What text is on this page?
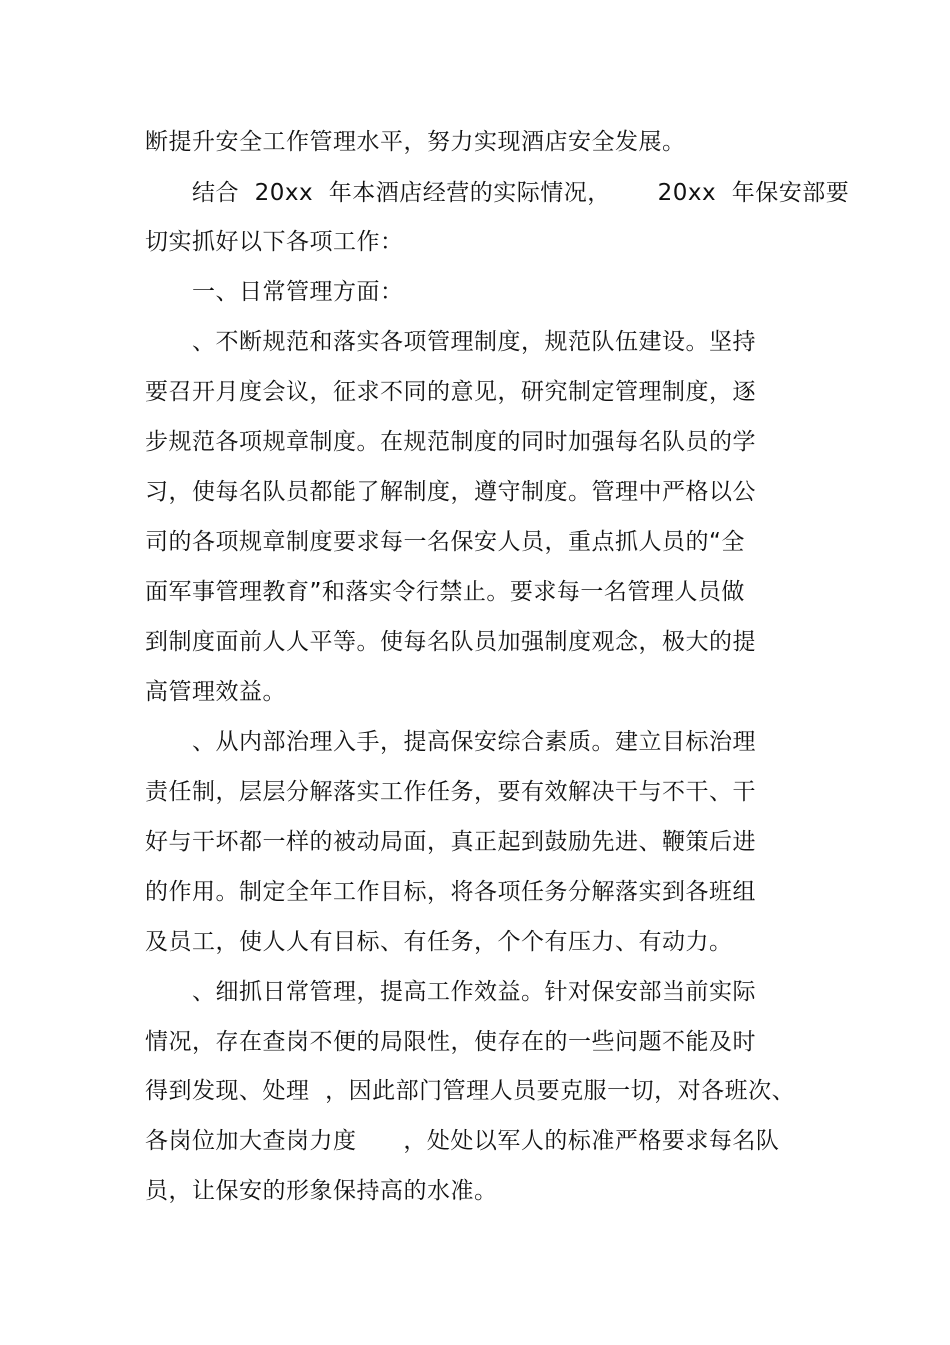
断提升安全工作管理水平，努力实现酒店安全发展。
结合  20xx  年本酒店经营的实际情况，      20xx  年保安部要
切实抓好以下各项工作：
一、日常管理方面：
、不断规范和落实各项管理制度，规范队伍建设。坚持
要召开月度会议，征求不同的意见，研究制定管理制度，逐
步规范各项规章制度。在规范制度的同时加强每名队员的学
习，使每名队员都能了解制度，遵守制度。管理中严格以公
司的各项规章制度要求每一名保安人员，重点抓人员的“全
面军事管理教育”和落实令行禁止。要求每一名管理人员做
到制度面前人人平等。使每名队员加强制度观念，极大的提
高管理效益。
、从内部治理入手，提高保安综合素质。建立目标治理
责任制，层层分解落实工作任务，要有效解决干与不干、干
好与干坏都一样的被动局面，真正起到鼓励先进、鞭策后进
的作用。制定全年工作目标，将各项任务分解落实到各班组
及员工，使人人有目标、有任务，个个有压力、有动力。
、细抓日常管理，提高工作效益。针对保安部当前实际
情况，存在查岗不便的局限性，使存在的一些问题不能及时
得到发现、处理  ，因此部门管理人员要克服一切，对各班次、
各岗位加大查岗力度      ，处处以军人的标准严格要求每名队
员，让保安的形象保持高的水准。
